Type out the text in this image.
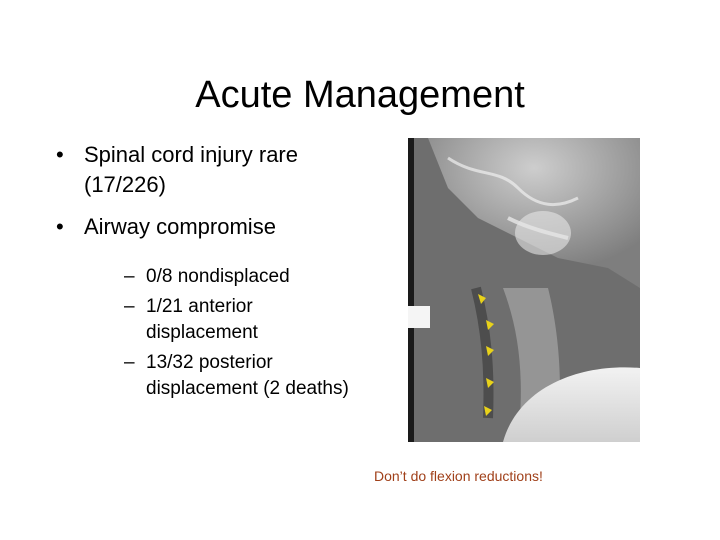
Acute Management
• Spinal cord injury rare (17/226)
• Airway compromise
– 0/8 nondisplaced
– 1/21 anterior displacement
– 13/32 posterior displacement (2 deaths)
Don’t do flexion reductions!
